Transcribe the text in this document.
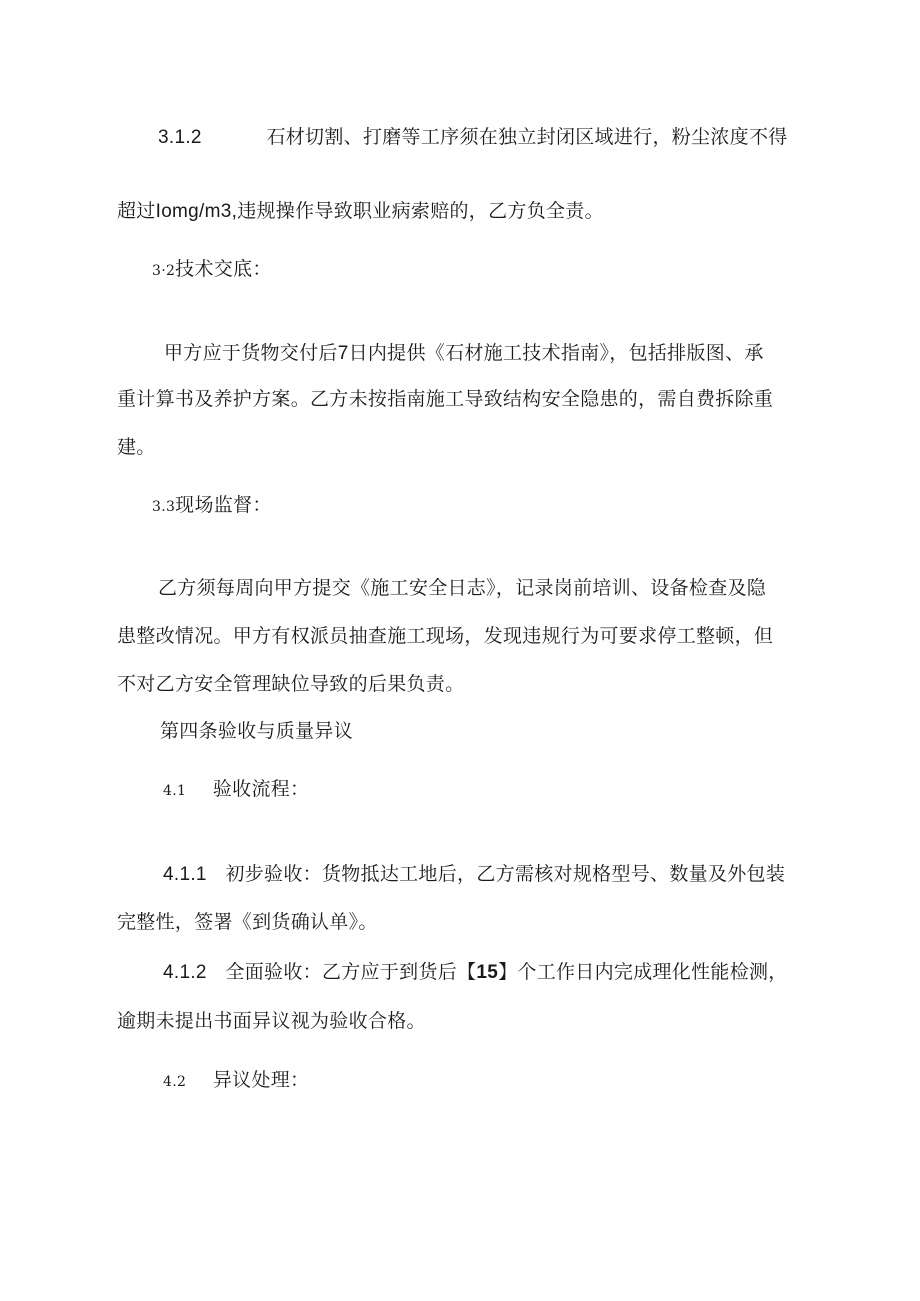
3.1.2	石材切割、打磨等工序须在独立封闭区域进行，粉尘浓度不得
超过Iomg/m3,违规操作导致职业病索赔的，乙方负全责。
3·2技术交底：
甲方应于货物交付后7日内提供《石材施工技术指南》，包括排版图、承
重计算书及养护方案。乙方未按指南施工导致结构安全隐患的，需自费拆除重
建。
3.3现场监督：
乙方须每周向甲方提交《施工安全日志》，记录岗前培训、设备检查及隐
患整改情况。甲方有权派员抽查施工现场，发现违规行为可要求停工整顿，但
不对乙方安全管理缺位导致的后果负责。
第四条验收与质量异议
4.1 验收流程：
4.1.1 初步验收：货物抵达工地后，乙方需核对规格型号、数量及外包装
完整性，签署《到货确认单》。
4.1.2 全面验收：乙方应于到货后【15】个工作日内完成理化性能检测，
逾期未提出书面异议视为验收合格。
4.2 异议处理：
